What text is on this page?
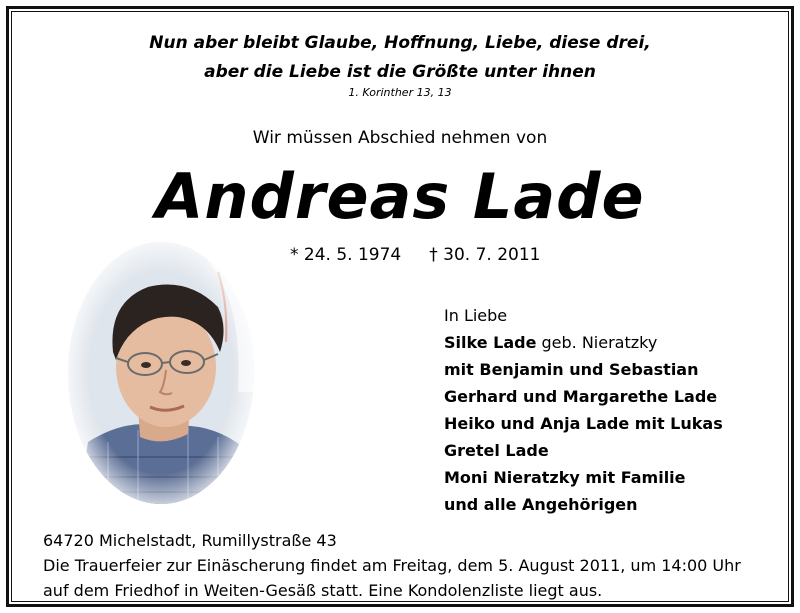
Nun aber bleibt Glaube, Hoffnung, Liebe, diese drei,
aber die Liebe ist die Größte unter ihnen
1. Korinther 13, 13
Wir müssen Abschied nehmen von
Andreas Lade
* 24. 5. 1974 † 30. 7. 2011
In Liebe
Silke Lade geb. Nieratzky
mit Benjamin und Sebastian
Gerhard und Margarethe Lade
Heiko und Anja Lade mit Lukas
Gretel Lade
Moni Nieratzky mit Familie
und alle Angehörigen
64720 Michelstadt, Rumillystraße 43
Die Trauerfeier zur Einäscherung findet am Freitag, dem 5. August 2011, um 14:00 Uhr
auf dem Friedhof in Weiten-Gesäß statt. Eine Kondolenzliste liegt aus.
